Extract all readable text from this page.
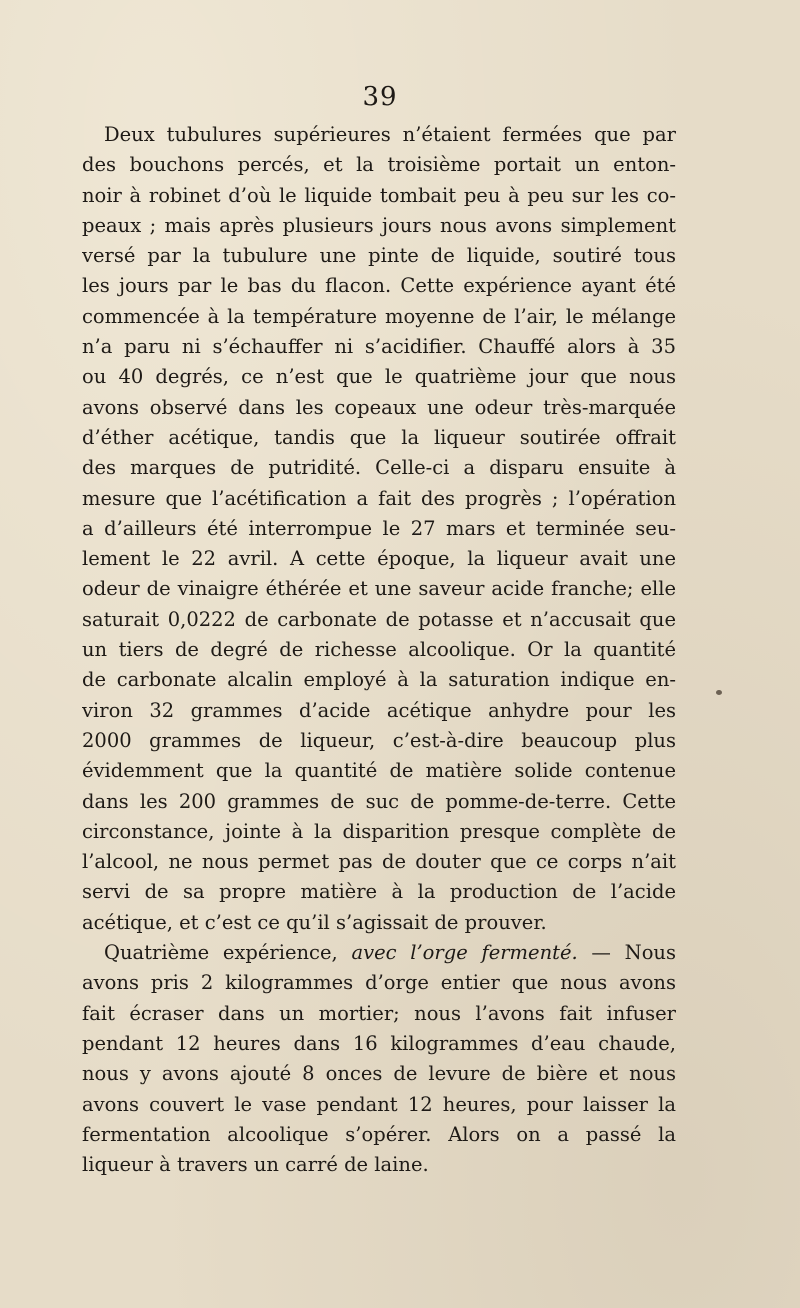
39
Deux tubulures supérieures n’étaient fermées que par
des bouchons percés, et la troisième portait un enton-
noir à robinet d’où le liquide tombait peu à peu sur les co-
peaux ; mais après plusieurs jours nous avons simplement
versé par la tubulure une pinte de liquide, soutiré tous
les jours par le bas du flacon. Cette expérience ayant été
commencée à la température moyenne de l’air, le mélange
n’a paru ni s’échauffer ni s’acidifier. Chauffé alors à 35
ou 40 degrés, ce n’est que le quatrième jour que nous
avons observé dans les copeaux une odeur très-marquée
d’éther acétique, tandis que la liqueur soutirée offrait
des marques de putridité. Celle-ci a disparu ensuite à
mesure que l’acétification a fait des progrès ; l’opération
a d’ailleurs été interrompue le 27 mars et terminée seu-
lement le 22 avril. A cette époque, la liqueur avait une
odeur de vinaigre éthérée et une saveur acide franche; elle
saturait 0,0222 de carbonate de potasse et n’accusait que
un tiers de degré de richesse alcoolique. Or la quantité
de carbonate alcalin employé à la saturation indique en-
viron 32 grammes d’acide acétique anhydre pour les
2000 grammes de liqueur, c’est-à-dire beaucoup plus
évidemment que la quantité de matière solide contenue
dans les 200 grammes de suc de pomme-de-terre. Cette
circonstance, jointe à la disparition presque complète de
l’alcool, ne nous permet pas de douter que ce corps n’ait
servi de sa propre matière à la production de l’acide
acétique, et c’est ce qu’il s’agissait de prouver.
Quatrième expérience, avec l’orge fermenté. — Nous
avons pris 2 kilogrammes d’orge entier que nous avons
fait écraser dans un mortier; nous l’avons fait infuser
pendant 12 heures dans 16 kilogrammes d’eau chaude,
nous y avons ajouté 8 onces de levure de bière et nous
avons couvert le vase pendant 12 heures, pour laisser la
fermentation alcoolique s’opérer. Alors on a passé la
liqueur à travers un carré de laine.
